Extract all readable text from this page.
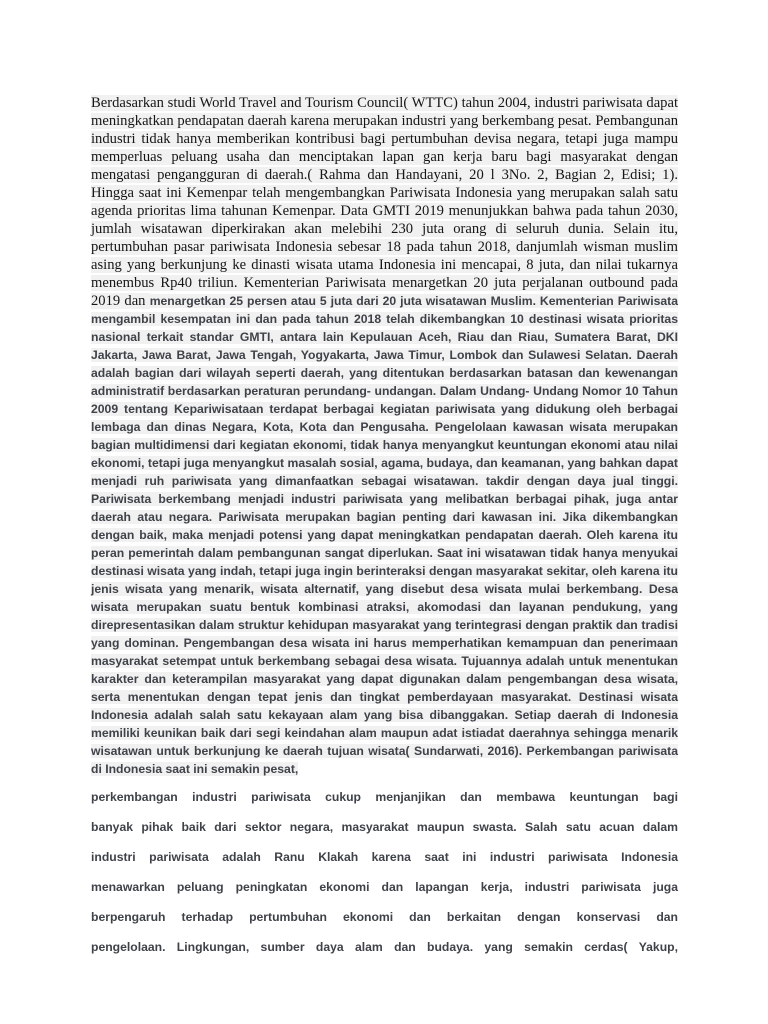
Berdasarkan studi World Travel and Tourism Council( WTTC) tahun 2004, industri pariwisata dapat meningkatkan pendapatan daerah karena merupakan industri yang berkembang pesat. Pembangunan industri tidak hanya memberikan kontribusi bagi pertumbuhan devisa negara, tetapi juga mampu memperluas peluang usaha dan menciptakan lapan gan kerja baru bagi masyarakat dengan mengatasi pengangguran di daerah.( Rahma dan Handayani, 20 l 3No. 2, Bagian 2, Edisi; 1). Hingga saat ini Kemenpar telah mengembangkan Pariwisata Indonesia yang merupakan salah satu agenda prioritas lima tahunan Kemenpar. Data GMTI 2019 menunjukkan bahwa pada tahun 2030, jumlah wisatawan diperkirakan akan melebihi 230 juta orang di seluruh dunia. Selain itu, pertumbuhan pasar pariwisata Indonesia sebesar 18 pada tahun 2018, danjumlah wisman muslim asing yang berkunjung ke dinasti wisata utama Indonesia ini mencapai, 8 juta, dan nilai tukarnya menembus Rp40 triliun. Kementerian Pariwisata menargetkan 20 juta perjalanan outbound pada 2019 dan menargetkan 25 persen atau 5 juta dari 20 juta wisatawan Muslim. Kementerian Pariwisata mengambil kesempatan ini dan pada tahun 2018 telah dikembangkan 10 destinasi wisata prioritas nasional terkait standar GMTI, antara lain Kepulauan Aceh, Riau dan Riau, Sumatera Barat, DKI Jakarta, Jawa Barat, Jawa Tengah, Yogyakarta, Jawa Timur, Lombok dan Sulawesi Selatan. Daerah adalah bagian dari wilayah seperti daerah, yang ditentukan berdasarkan batasan dan kewenangan administratif berdasarkan peraturan perundang- undangan. Dalam Undang- Undang Nomor 10 Tahun 2009 tentang Kepariwisataan terdapat berbagai kegiatan pariwisata yang didukung oleh berbagai lembaga dan dinas Negara, Kota, Kota dan Pengusaha. Pengelolaan kawasan wisata merupakan bagian multidimensi dari kegiatan ekonomi, tidak hanya menyangkut keuntungan ekonomi atau nilai ekonomi, tetapi juga menyangkut masalah sosial, agama, budaya, dan keamanan, yang bahkan dapat menjadi ruh pariwisata yang dimanfaatkan sebagai wisatawan. takdir dengan daya jual tinggi. Pariwisata berkembang menjadi industri pariwisata yang melibatkan berbagai pihak, juga antar daerah atau negara. Pariwisata merupakan bagian penting dari kawasan ini. Jika dikembangkan dengan baik, maka menjadi potensi yang dapat meningkatkan pendapatan daerah. Oleh karena itu peran pemerintah dalam pembangunan sangat diperlukan. Saat ini wisatawan tidak hanya menyukai destinasi wisata yang indah, tetapi juga ingin berinteraksi dengan masyarakat sekitar, oleh karena itu jenis wisata yang menarik, wisata alternatif, yang disebut desa wisata mulai berkembang. Desa wisata merupakan suatu bentuk kombinasi atraksi, akomodasi dan layanan pendukung, yang direpresentasikan dalam struktur kehidupan masyarakat yang terintegrasi dengan praktik dan tradisi yang dominan. Pengembangan desa wisata ini harus memperhatikan kemampuan dan penerimaan masyarakat setempat untuk berkembang sebagai desa wisata. Tujuannya adalah untuk menentukan karakter dan keterampilan masyarakat yang dapat digunakan dalam pengembangan desa wisata, serta menentukan dengan tepat jenis dan tingkat pemberdayaan masyarakat. Destinasi wisata Indonesia adalah salah satu kekayaan alam yang bisa dibanggakan. Setiap daerah di Indonesia memiliki keunikan baik dari segi keindahan alam maupun adat istiadat daerahnya sehingga menarik wisatawan untuk berkunjung ke daerah tujuan wisata( Sundarwati, 2016). Perkembangan pariwisata di Indonesia saat ini semakin pesat,

perkembangan industri pariwisata cukup menjanjikan dan membawa keuntungan bagi
banyak pihak baik dari sektor negara, masyarakat maupun swasta. Salah satu acuan dalam
industri pariwisata adalah Ranu Klakah karena saat ini industri pariwisata Indonesia
menawarkan peluang peningkatan ekonomi dan lapangan kerja, industri pariwisata juga
berpengaruh terhadap pertumbuhan ekonomi dan berkaitan dengan konservasi dan
pengelolaan. Lingkungan, sumber daya alam dan budaya. yang semakin cerdas( Yakup,
